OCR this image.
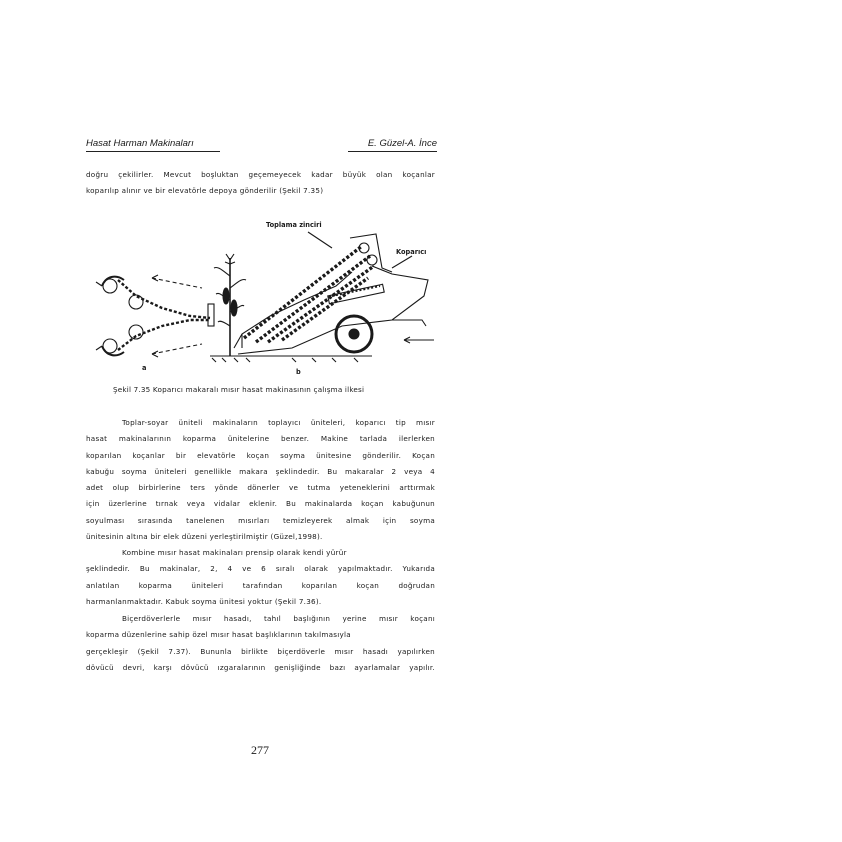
Hasat Harman Makinaları	E. Güzel-A. İnce
doğru çekilirler. Mevcut boşluktan geçemeyecek kadar büyük olan koçanlar
koparılıp alınır ve bir elevatörle depoya gönderilir (Şekil 7.35)
Toplama zinciri
Koparıcı
a	b
Şekil 7.35 Koparıcı makaralı mısır hasat makinasının çalışma ilkesi
Toplar-soyar üniteli makinaların toplayıcı üniteleri, koparıcı tip mısır
hasat makinalarının koparma ünitelerine benzer. Makine tarlada ilerlerken
koparılan koçanlar bir elevatörle koçan soyma ünitesine gönderilir. Koçan
kabuğu soyma üniteleri genellikle makara şeklindedir. Bu makaralar 2 veya 4
adet olup birbirlerine ters yönde dönerler ve tutma yeteneklerini arttırmak
için üzerlerine tırnak veya vidalar eklenir. Bu makinalarda koçan kabuğunun
soyulması sırasında tanelenen mısırları temizleyerek almak için soyma
ünitesinin altına bir elek düzeni yerleştirilmiştir (Güzel,1998).
Kombine mısır hasat makinaları prensip olarak kendi yürür
şeklindedir. Bu makinalar, 2, 4 ve 6 sıralı olarak yapılmaktadır. Yukarıda
anlatılan koparma üniteleri tarafından koparılan koçan doğrudan
harmanlanmaktadır. Kabuk soyma ünitesi yoktur (Şekil 7.36).
Biçerdöverlerle mısır hasadı, tahıl başlığının yerine mısır koçanı
koparma düzenlerine sahip özel mısır hasat başlıklarının takılmasıyla
gerçekleşir (Şekil 7.37). Bununla birlikte biçerdöverle mısır hasadı yapılırken
dövücü devri, karşı dövücü ızgaralarının genişliğinde bazı ayarlamalar yapılır.
277
